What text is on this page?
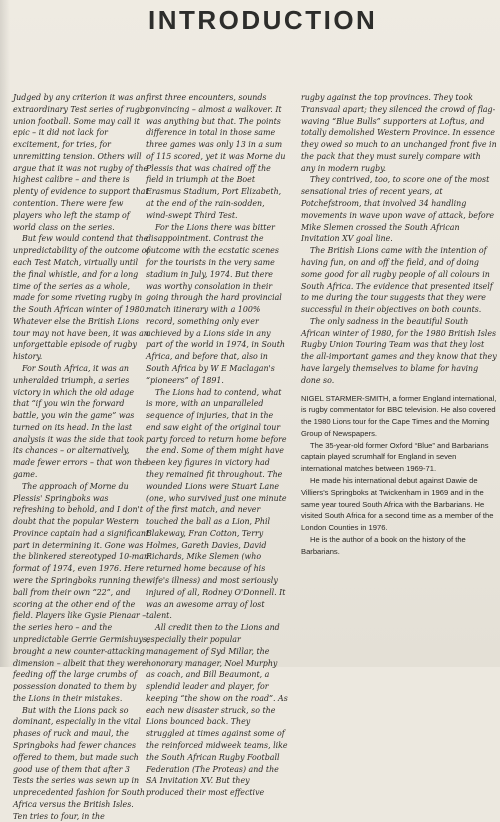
INTRODUCTION

Judged by any criterion it was an extraordinary Test series of rugby union football. Some may call it epic – it did not lack for excitement, for tries, for unremitting tension. Others will argue that it was not rugby of the highest calibre – and there is plenty of evidence to support that contention. There were few players who left the stamp of world class on the series.

But few would contend that the unpredictability of the outcome of each Test Match, virtually until the final whistle, and for a long time of the series as a whole, made for some riveting rugby in the South African winter of 1980. Whatever else the British Lions tour may not have been, it was an unforgettable episode of rugby history.

For South Africa, it was an unheralded triumph, a series victory in which the old adage that “if you win the forward battle, you win the game” was turned on its head. In the last analysis it was the side that took its chances – or alternatively, made fewer errors – that won the game.

The approach of Morne du Plessis' Springboks was refreshing to behold, and I don't doubt that the popular Western Province captain had a significant part in determining it. Gone was the blinkered stereotyped 10-man format of 1974, even 1976. Here were the Springboks running the ball from their own “22”, and scoring at the other end of the field. Players like Gysie Pienaar – the series hero – and the unpredictable Gerrie Germishuys, brought a new counter-attacking dimension – albeit that they were feeding off the large crumbs of possession donated to them by the Lions in their mistakes.

But with the Lions pack so dominant, especially in the vital phases of ruck and maul, the Springboks had fewer chances offered to them, but made such good use of them that after 3 Tests the series was sewn up in unprecedented fashion for South Africa versus the British Isles. Ten tries to four, in the

first three encounters, sounds convincing – almost a walkover. It was anything but that. The points difference in total in those same three games was only 13 in a sum of 115 scored, yet it was Morne du Plessis that was chaired off the field in triumph at the Boet Erasmus Stadium, Port Elizabeth, at the end of the rain-sodden, wind-swept Third Test.

For the Lions there was bitter disappointment. Contrast the outcome with the ecstatic scenes for the tourists in the very same stadium in July, 1974. But there was worthy consolation in their going through the hard provincial match itinerary with a 100% record, something only ever achieved by a Lions side in any part of the world in 1974, in South Africa, and before that, also in South Africa by W E Maclagan's “pioneers” of 1891.

The Lions had to contend, what is more, with an unparalleled sequence of injuries, that in the end saw eight of the original tour party forced to return home before the end. Some of them might have been key figures in victory had they remained fit throughout. The wounded Lions were Stuart Lane (one, who survived just one minute of the first match, and never touched the ball as a Lion, Phil Blakeway, Fran Cotton, Terry Holmes, Gareth Davies, David Richards, Mike Slemen (who returned home because of his wife's illness) and most seriously injured of all, Rodney O'Donnell. It was an awesome array of lost talent.

All credit then to the Lions and especially their popular management of Syd Millar, the honorary manager, Noel Murphy as coach, and Bill Beaumont, a splendid leader and player, for keeping “the show on the road”. As each new disaster struck, so the Lions bounced back. They struggled at times against some of the reinforced midweek teams, like the South African Rugby Football Federation (The Proteas) and the SA Invitation XV. But they produced their most effective

rugby against the top provinces. They took Transvaal apart; they silenced the crowd of flag-waving “Blue Bulls” supporters at Loftus, and totally demolished Western Province. In essence they owed so much to an unchanged front five in the pack that they must surely compare with any in modern rugby.

They contrived, too, to score one of the most sensational tries of recent years, at Potchefstroom, that involved 34 handling movements in wave upon wave of attack, before Mike Slemen crossed the South African Invitation XV goal line.

The British Lions came with the intention of having fun, on and off the field, and of doing some good for all rugby people of all colours in South Africa. The evidence that presented itself to me during the tour suggests that they were successful in their objectives on both counts.

The only sadness in the beautiful South African winter of 1980, for the 1980 British Isles Rugby Union Touring Team was that they lost the all-important games and they know that they have largely themselves to blame for having done so.

NIGEL STARMER-SMITH, a former England international, is rugby commentator for BBC television. He also covered the 1980 Lions tour for the Cape Times and the Morning Group of Newspapers.

The 35-year-old former Oxford “Blue” and Barbarians captain played scrumhalf for England in seven international matches between 1969-71.

He made his international debut against Dawie de Villiers's Springboks at Twickenham in 1969 and in the same year toured South Africa with the Barbarians. He visited South Africa for a second time as a member of the London Counties in 1976.

He is the author of a book on the history of the Barbarians.
